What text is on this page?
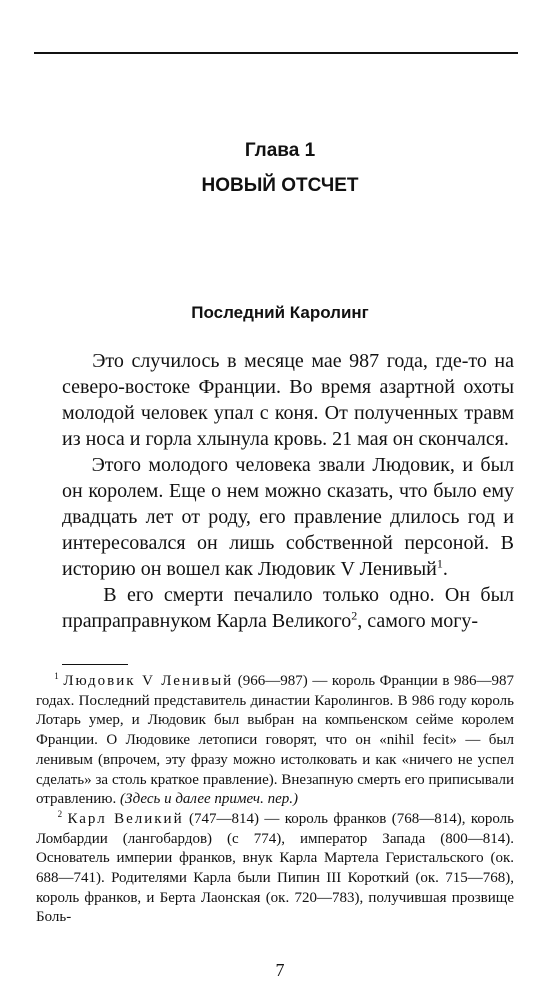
Глава 1
НОВЫЙ ОТСЧЕТ
Последний Каролинг

Это случилось в месяце мае 987 года, где-то на северо-востоке Франции. Во время азартной охоты молодой человек упал с коня. От полученных травм из носа и горла хлынула кровь. 21 мая он скончался.

Этого молодого человека звали Людовик, и был он королем. Еще о нем можно сказать, что было ему двадцать лет от роду, его правление длилось год и интересовался он лишь собственной персоной. В историю он вошел как Людовик V Ленивый$^1$.

В его смерти печалило только одно. Он был прапраправнуком Карла Великого$^2$, самого могу-

$^1$ Людовик V Ленивый (966—987) — король Франции в 986—987 годах. Последний представитель династии Каролингов. В 986 году король Лотарь умер, и Людовик был выбран на компьенском сейме королем Франции. О Людовике летописи говорят, что он «nihil fecit» — был ленивым (впрочем, эту фразу можно истолковать и как «ничего не успел сделать» за столь краткое правление). Внезапную смерть его приписывали отравлению. (Здесь и далее примеч. пер.)

$^2$ Карл Великий (747—814) — король франков (768—814), король Ломбардии (лангобардов) (с 774), император Запада (800—814). Основатель империи франков, внук Карла Мартела Геристальского (ок. 688—741). Родителями Карла были Пипин III Короткий (ок. 715—768), король франков, и Берта Лаонская (ок. 720—783), получившая прозвище Боль-

7
